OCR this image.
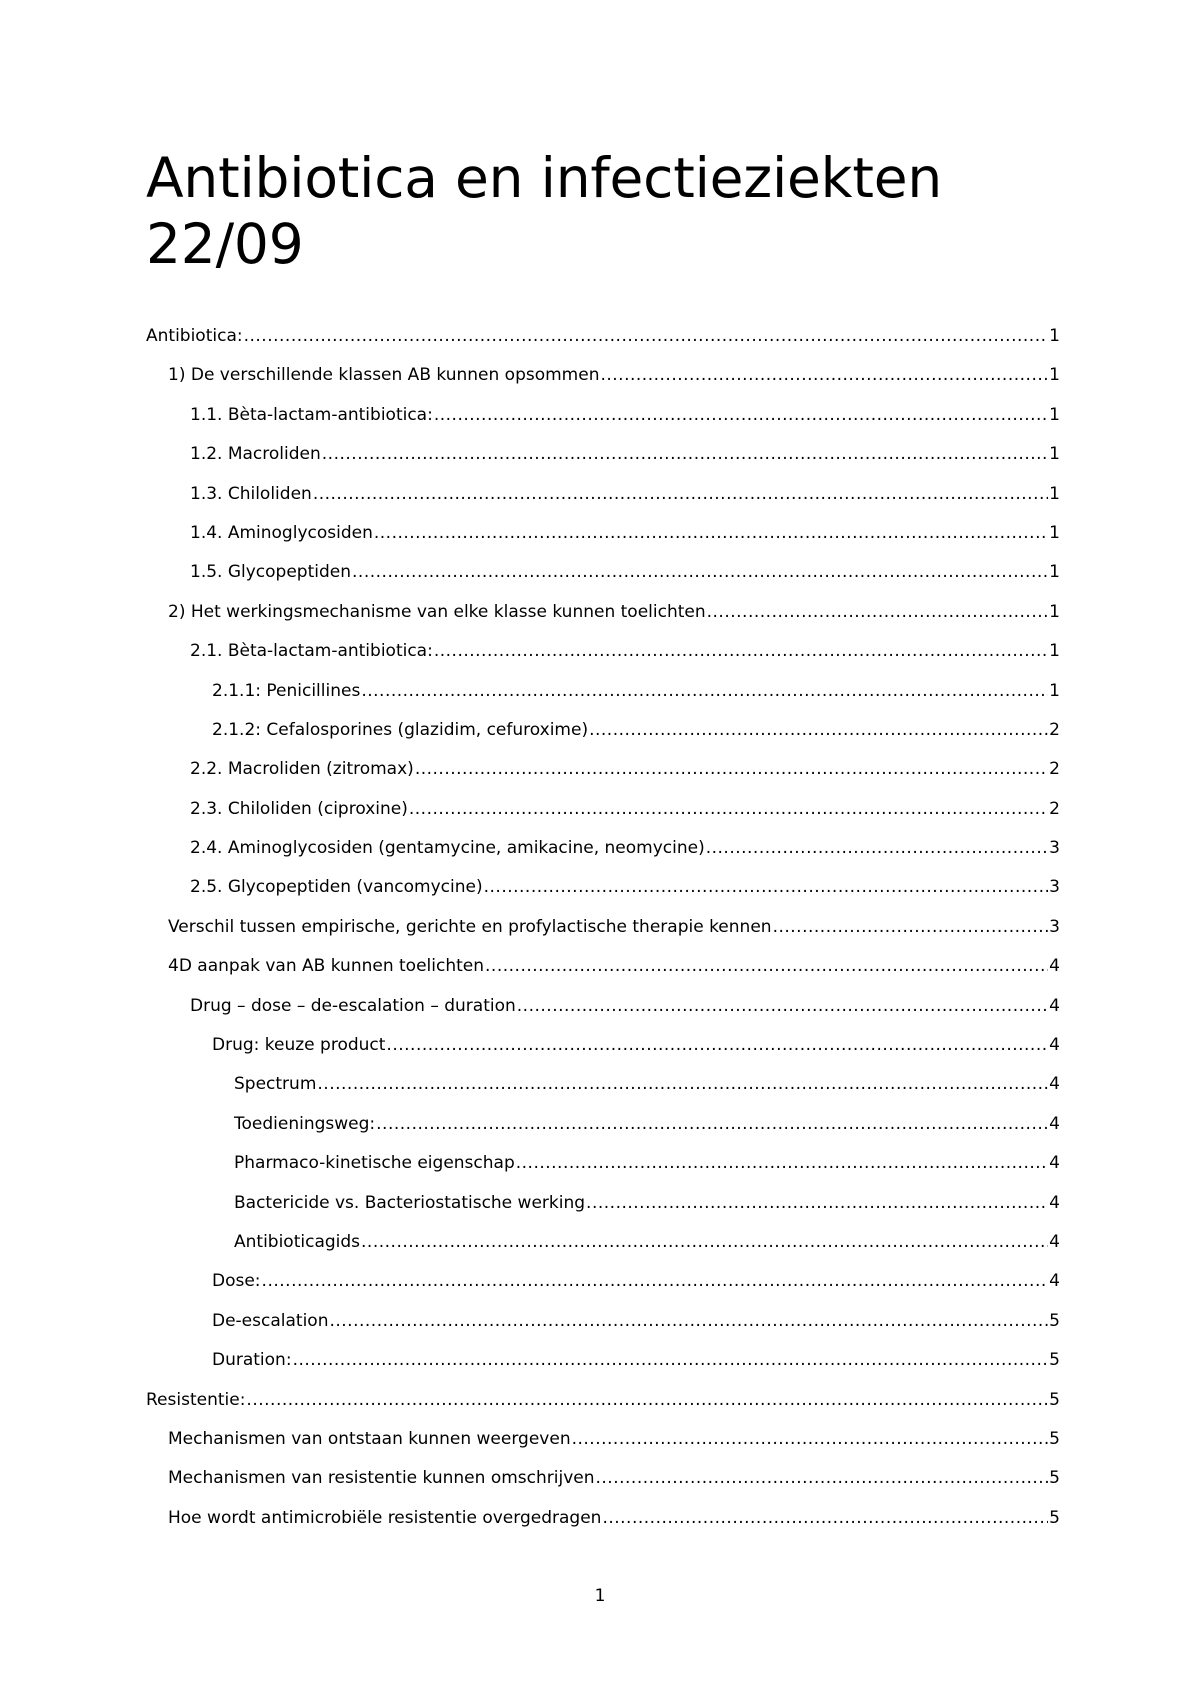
Antibiotica en infectieziekten 22/09
Antibiotica: .....	1
1) De verschillende klassen AB kunnen opsommen .....	1
1.1. Bèta-lactam-antibiotica: .....	1
1.2. Macroliden .....	1
1.3. Chiloliden .....	1
1.4. Aminoglycosiden .....	1
1.5. Glycopeptiden .....	1
2) Het werkingsmechanisme van elke klasse kunnen toelichten .....	1
2.1. Bèta-lactam-antibiotica: .....	1
2.1.1: Penicillines .....	1
2.1.2: Cefalosporines (glazidim, cefuroxime) .....	2
2.2. Macroliden (zitromax) .....	2
2.3. Chiloliden (ciproxine) .....	2
2.4. Aminoglycosiden (gentamycine, amikacine, neomycine) .....	3
2.5. Glycopeptiden (vancomycine) .....	3
Verschil tussen empirische, gerichte en profylactische therapie kennen .....	3
4D aanpak van AB kunnen toelichten .....	4
Drug – dose – de-escalation – duration .....	4
Drug: keuze product .....	4
Spectrum .....	4
Toedieningsweg: .....	4
Pharmaco-kinetische eigenschap .....	4
Bactericide vs. Bacteriostatische werking .....	4
Antibioticagids .....	4
Dose: .....	4
De-escalation .....	5
Duration: .....	5
Resistentie: .....	5
Mechanismen van ontstaan kunnen weergeven .....	5
Mechanismen van resistentie kunnen omschrijven .....	5
Hoe wordt antimicrobiële resistentie overgedragen .....	5
1
